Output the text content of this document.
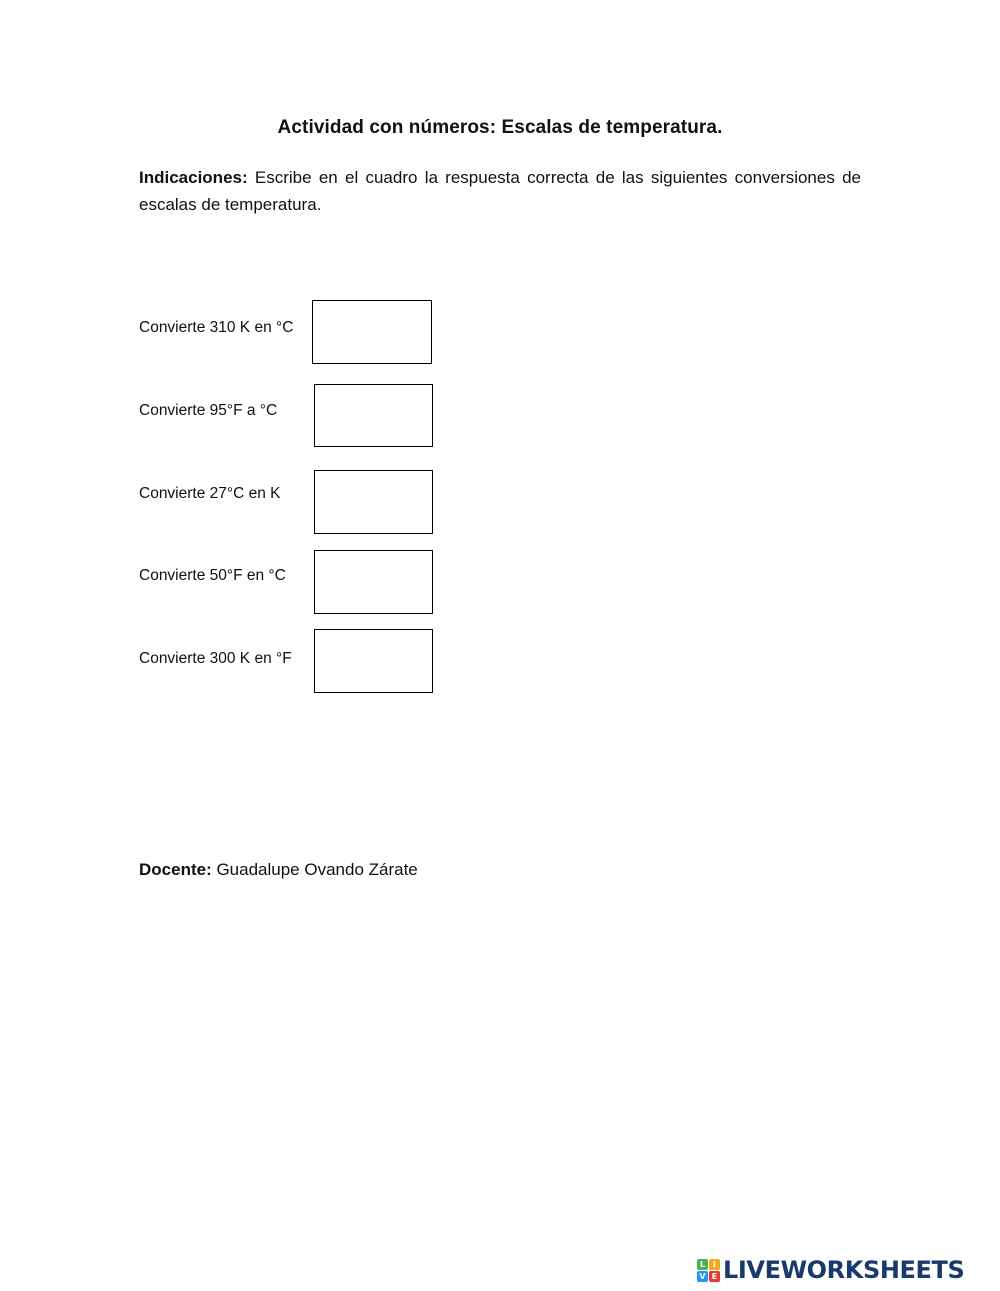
Actividad con números: Escalas de temperatura.
Indicaciones: Escribe en el cuadro la respuesta correcta de las siguientes conversiones de escalas de temperatura.
Convierte 310 K en °C
Convierte 95°F a °C
Convierte 27°C en K
Convierte 50°F en °C
Convierte 300 K en °F
Docente: Guadalupe Ovando Zárate
L I
V E LIVEWORKSHEETS
